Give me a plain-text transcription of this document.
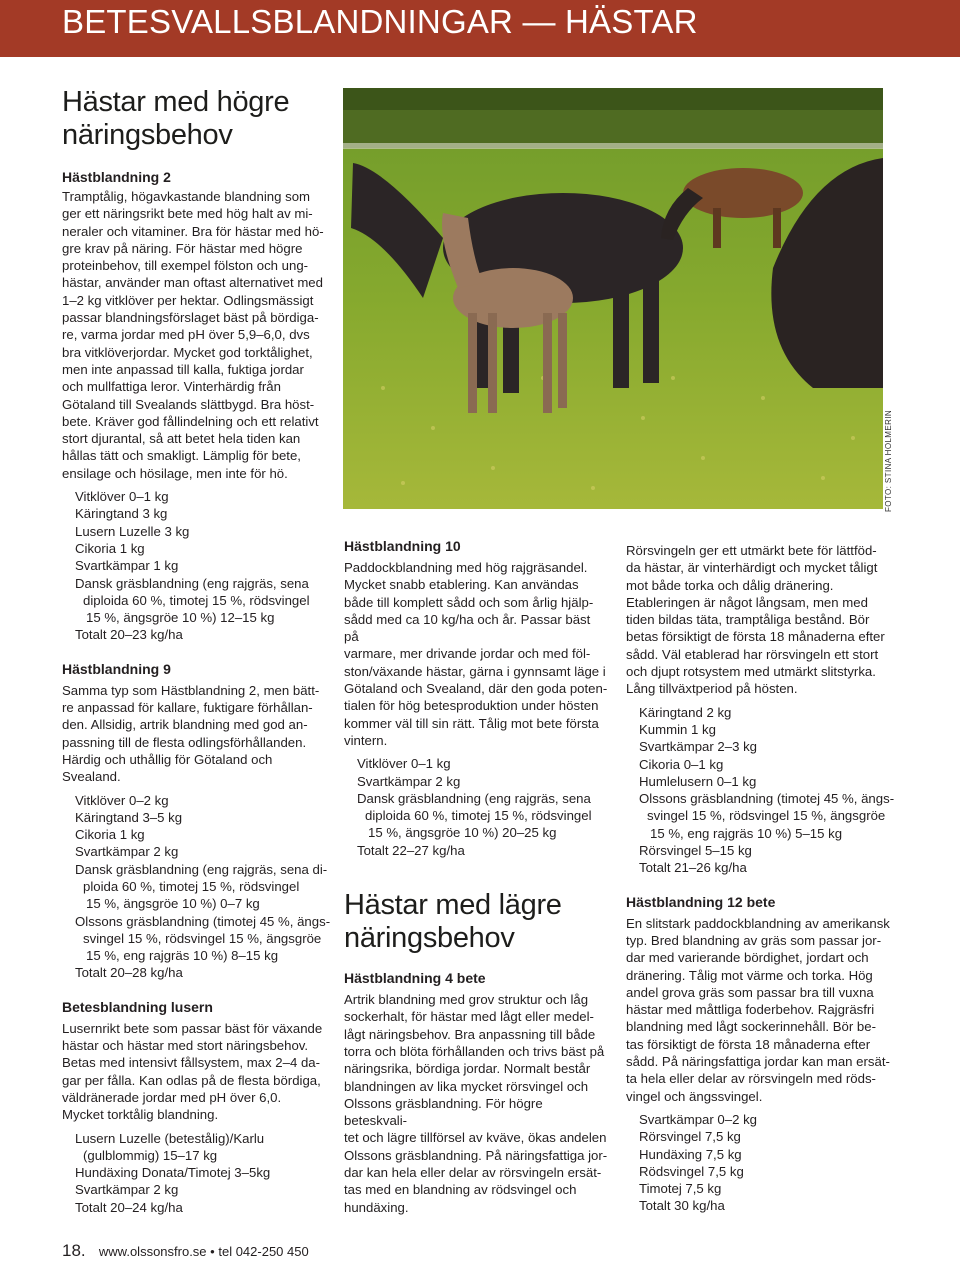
BETESVALLSBLANDNINGAR — HÄSTAR
Hästar med högre
näringsbehov
Hästblandning 2
Tramptålig, högavkastande blandning som
ger ett näringsrikt bete med hög halt av mi-
neraler och vitaminer. Bra för hästar med hö-
gre krav på näring. För hästar med högre
proteinbehov, till exempel fölston och ung-
hästar, använder man oftast alternativet med
1–2 kg vitklöver per hektar. Odlingsmässigt
passar blandningsförslaget bäst på bördiga-
re, varma jordar med pH över 5,9–6,0, dvs
bra vitklöverjordar. Mycket god torktålighet,
men inte anpassad till kalla, fuktiga jordar
och mullfattiga leror. Vinterhärdig från
Götaland till Svealands slättbygd. Bra höst-
bete. Kräver god fållindelning och ett relativt
stort djurantal, så att betet hela tiden kan
hållas tätt och smakligt. Lämplig för bete,
ensilage och hösilage, men inte för hö.
Vitklöver 0–1 kg
Käringtand 3 kg
Lusern Luzelle 3 kg
Cikoria 1 kg
Svartkämpar 1 kg
Dansk gräsblandning (eng rajgräs, sena
diploida 60 %, timotej 15 %, rödsvingel
15 %, ängsgröe 10 %) 12–15 kg
Totalt 20–23 kg/ha
Hästblandning 9
Samma typ som Hästblandning 2, men bätt-
re anpassad för kallare, fuktigare förhållan-
den. Allsidig, artrik blandning med god an-
passning till de flesta odlingsförhållanden.
Härdig och uthållig för Götaland och
Svealand.
Vitklöver 0–2 kg
Käringtand 3–5 kg
Cikoria 1 kg
Svartkämpar 2 kg
Dansk gräsblandning (eng rajgräs, sena di-
ploida 60 %, timotej 15 %, rödsvingel
15 %, ängsgröe 10 %) 0–7 kg
Olssons gräsblandning (timotej 45 %, ängs-
svingel 15 %, rödsvingel 15 %, ängsgröe
15 %, eng rajgräs 10 %) 8–15 kg
Totalt 20–28 kg/ha
Betesblandning lusern
Lusernrikt bete som passar bäst för växande
hästar och hästar med stort näringsbehov.
Betas med intensivt fållsystem, max 2–4 da-
gar per fålla. Kan odlas på de flesta bördiga,
väldränerade jordar med pH över 6,0.
Mycket torktålig blandning.
Lusern Luzelle (betestålig)/Karlu
(gulblommig) 15–17 kg
Hundäxing Donata/Timotej 3–5kg
Svartkämpar 2 kg
Totalt 20–24 kg/ha
FOTO: STINA HOLMERIN
Hästblandning 10
Paddockblandning med hög rajgräsandel.
Mycket snabb etablering. Kan användas
både till komplett sådd och som årlig hjälp-
sådd med ca 10 kg/ha och år. Passar bäst på
varmare, mer drivande jordar och med föl-
ston/växande hästar, gärna i gynnsamt läge i
Götaland och Svealand, där den goda poten-
tialen för hög betesproduktion under hösten
kommer väl till sin rätt. Tålig mot bete första
vintern.
Vitklöver 0–1 kg
Svartkämpar 2 kg
Dansk gräsblandning (eng rajgräs, sena
diploida 60 %, timotej 15 %, rödsvingel
15 %, ängsgröe 10 %) 20–25 kg
Totalt 22–27 kg/ha
Hästar med lägre
näringsbehov
Hästblandning 4 bete
Artrik blandning med grov struktur och låg
sockerhalt, för hästar med lågt eller medel-
lågt näringsbehov. Bra anpassning till både
torra och blöta förhållanden och trivs bäst på
näringsrika, bördiga jordar. Normalt består
blandningen av lika mycket rörsvingel och
Olssons gräsblandning. För högre beteskvali-
tet och lägre tillförsel av kväve, ökas andelen
Olssons gräsblandning. På näringsfattiga jor-
dar kan hela eller delar av rörsvingeln ersät-
tas med en blandning av rödsvingel och
hundäxing.
Rörsvingeln ger ett utmärkt bete för lättföd-
da hästar, är vinterhärdigt och mycket tåligt
mot både torka och dålig dränering.
Etableringen är något långsam, men med
tiden bildas täta, tramptåliga bestånd. Bör
betas försiktigt de första 18 månaderna efter
sådd. Väl etablerad har rörsvingeln ett stort
och djupt rotsystem med utmärkt slitstyrka.
Lång tillväxtperiod på hösten.
Käringtand 2 kg
Kummin 1 kg
Svartkämpar 2–3 kg
Cikoria 0–1 kg
Humlelusern 0–1 kg
Olssons gräsblandning (timotej 45 %, ängs-
svingel 15 %, rödsvingel 15 %, ängsgröe
15 %, eng rajgräs 10 %) 5–15 kg
Rörsvingel 5–15 kg
Totalt 21–26 kg/ha
Hästblandning 12 bete
En slitstark paddockblandning av amerikansk
typ. Bred blandning av gräs som passar jor-
dar med varierande bördighet, jordart och
dränering. Tålig mot värme och torka. Hög
andel grova gräs som passar bra till vuxna
hästar med måttliga foderbehov. Rajgräsfri
blandning med lågt sockerinnehåll. Bör be-
tas försiktigt de första 18 månaderna efter
sådd. På näringsfattiga jordar kan man ersät-
ta hela eller delar av rörsvingeln med röds-
vingel och ängssvingel.
Svartkämpar 0–2 kg
Rörsvingel 7,5 kg
Hundäxing 7,5 kg
Rödsvingel 7,5 kg
Timotej 7,5 kg
Totalt 30 kg/ha
18. www.olssonsfro.se • tel 042-250 450
